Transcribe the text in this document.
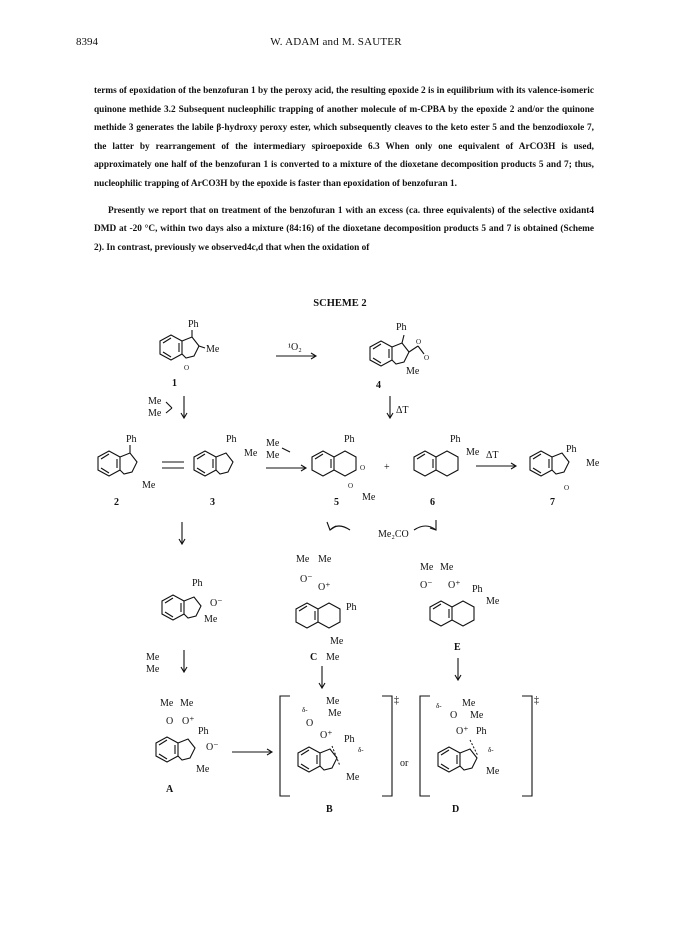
8394	W. ADAM and M. SAUTER

terms of epoxidation of the benzofuran 1 by the peroxy acid, the resulting epoxide 2 is in equilibrium with its valence-isomeric quinone methide 3.2 Subsequent nucleophilic trapping of another molecule of m-CPBA by the epoxide 2 and/or the quinone methide 3 generates the labile β-hydroxy peroxy ester, which subsequently cleaves to the keto ester 5 and the benzodioxole 7, the latter by rearrangement of the intermediary spiroepoxide 6.3 When only one equivalent of ArCO3H is used, approximately one half of the benzofuran 1 is converted to a mixture of the dioxetane decomposition products 5 and 7; thus, nucleophilic trapping of ArCO3H by the epoxide is faster than epoxidation of benzofuran 1.

Presently we report that on treatment of the benzofuran 1 with an excess (ca. three equivalents) of the selective oxidant4 DMD at -20 °C, within two days also a mixture (84:16) of the dioxetane decomposition products 5 and 7 is obtained (Scheme 2). In contrast, previously we observed4c,d that when the oxidation of

SCHEME 2
Ph
Me
O
1
¹O₂
Ph
O
O
Me
4
Me
Me	ΔT
Ph
Me
2
Ph
Me
3
Me
Me
Ph
O
O
Me
5
+
Ph
Me
6
ΔT
Ph
Me
O
7
Me₂CO
Ph
O⁻
Me
Me Me
O⁻
O⁺
Ph
Me
C Me
Me Me
O⁻ O⁺ Ph
Me
E
Me
Me
Me Me
O O⁺
Ph
O⁻
Me
A
‡
δ-
Me
Me
O
O⁺ Ph
δ-
Me
B
or
‡
δ- Me
O Me
O⁺ Ph
δ-
Me
D
